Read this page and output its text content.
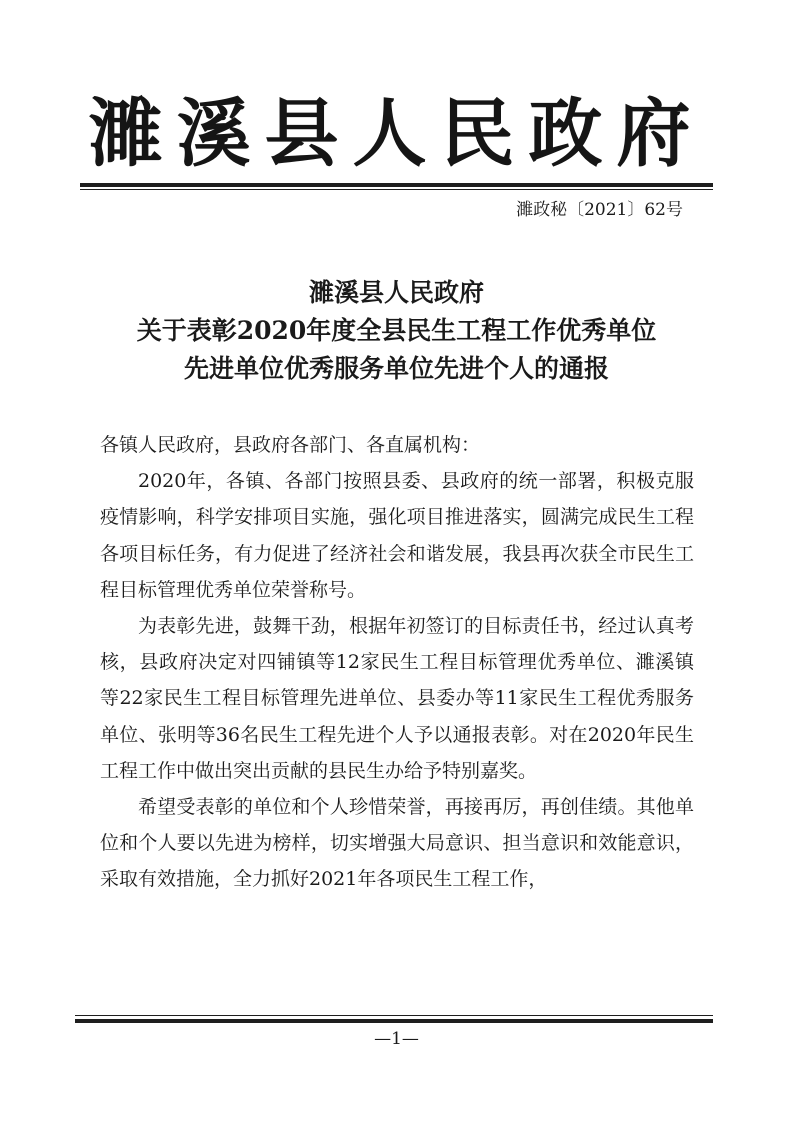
濉溪县人民政府
濉政秘〔2021〕62号
濉溪县人民政府
关于表彰2020年度全县民生工程工作优秀单位
先进单位优秀服务单位先进个人的通报

各镇人民政府，县政府各部门、各直属机构：

2020年，各镇、各部门按照县委、县政府的统一部署，积极克服疫情影响，科学安排项目实施，强化项目推进落实，圆满完成民生工程各项目标任务，有力促进了经济社会和谐发展，我县再次获全市民生工程目标管理优秀单位荣誉称号。

为表彰先进，鼓舞干劲，根据年初签订的目标责任书，经过认真考核，县政府决定对四铺镇等12家民生工程目标管理优秀单位、濉溪镇等22家民生工程目标管理先进单位、县委办等11家民生工程优秀服务单位、张明等36名民生工程先进个人予以通报表彰。对在2020年民生工程工作中做出突出贡献的县民生办给予特别嘉奖。

希望受表彰的单位和个人珍惜荣誉，再接再厉，再创佳绩。其他单位和个人要以先进为榜样，切实增强大局意识、担当意识和效能意识，采取有效措施，全力抓好2021年各项民生工程工作，

—1—
